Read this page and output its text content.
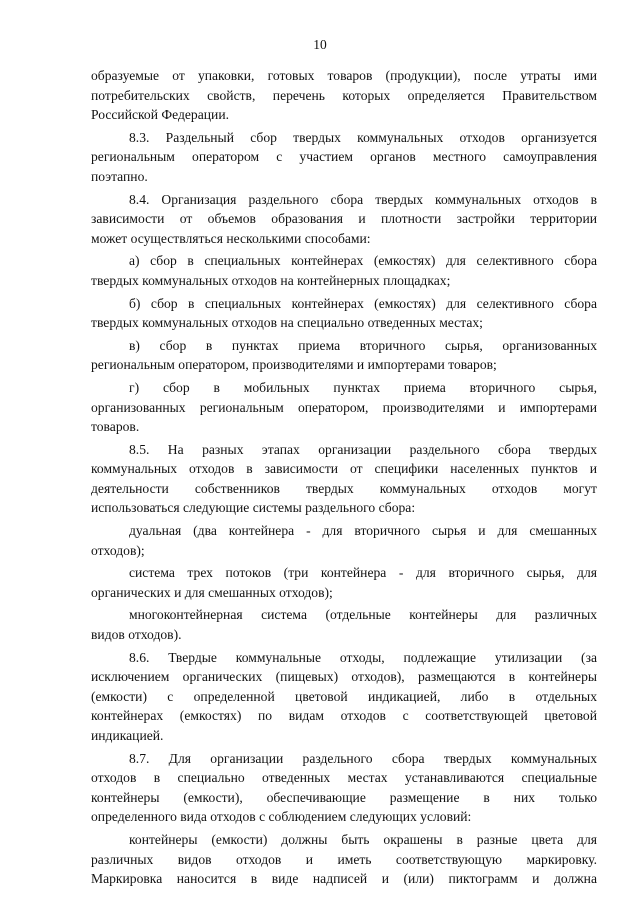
10
образуемые от упаковки, готовых товаров (продукции), после утраты ими
потребительских свойств, перечень которых определяется Правительством
Российской Федерации.
8.3. Раздельный сбор твердых коммунальных отходов организуется
региональным оператором с участием органов местного самоуправления
поэтапно.
8.4. Организация раздельного сбора твердых коммунальных отходов в
зависимости от объемов образования и плотности застройки территории
может осуществляться несколькими способами:
а) сбор в специальных контейнерах (емкостях) для селективного сбора
твердых коммунальных отходов на контейнерных площадках;
б) сбор в специальных контейнерах (емкостях) для селективного сбора
твердых коммунальных отходов на специально отведенных местах;
в) сбор в пунктах приема вторичного сырья, организованных
региональным оператором, производителями и импортерами товаров;
г) сбор в мобильных пунктах приема вторичного сырья,
организованных региональным оператором, производителями и импортерами
товаров.
8.5. На разных этапах организации раздельного сбора твердых
коммунальных отходов в зависимости от специфики населенных пунктов и
деятельности собственников твердых коммунальных отходов могут
использоваться следующие системы раздельного сбора:
дуальная (два контейнера - для вторичного сырья и для смешанных
отходов);
система трех потоков (три контейнера - для вторичного сырья, для
органических и для смешанных отходов);
многоконтейнерная система (отдельные контейнеры для различных
видов отходов).
8.6. Твердые коммунальные отходы, подлежащие утилизации (за
исключением органических (пищевых) отходов), размещаются в контейнеры
(емкости) с определенной цветовой индикацией, либо в отдельных
контейнерах (емкостях) по видам отходов с соответствующей цветовой
индикацией.
8.7. Для организации раздельного сбора твердых коммунальных
отходов в специально отведенных местах устанавливаются специальные
контейнеры (емкости), обеспечивающие размещение в них только
определенного вида отходов с соблюдением следующих условий:
контейнеры (емкости) должны быть окрашены в разные цвета для
различных видов отходов и иметь соответствующую маркировку.
Маркировка наносится в виде надписей и (или) пиктограмм и должна
